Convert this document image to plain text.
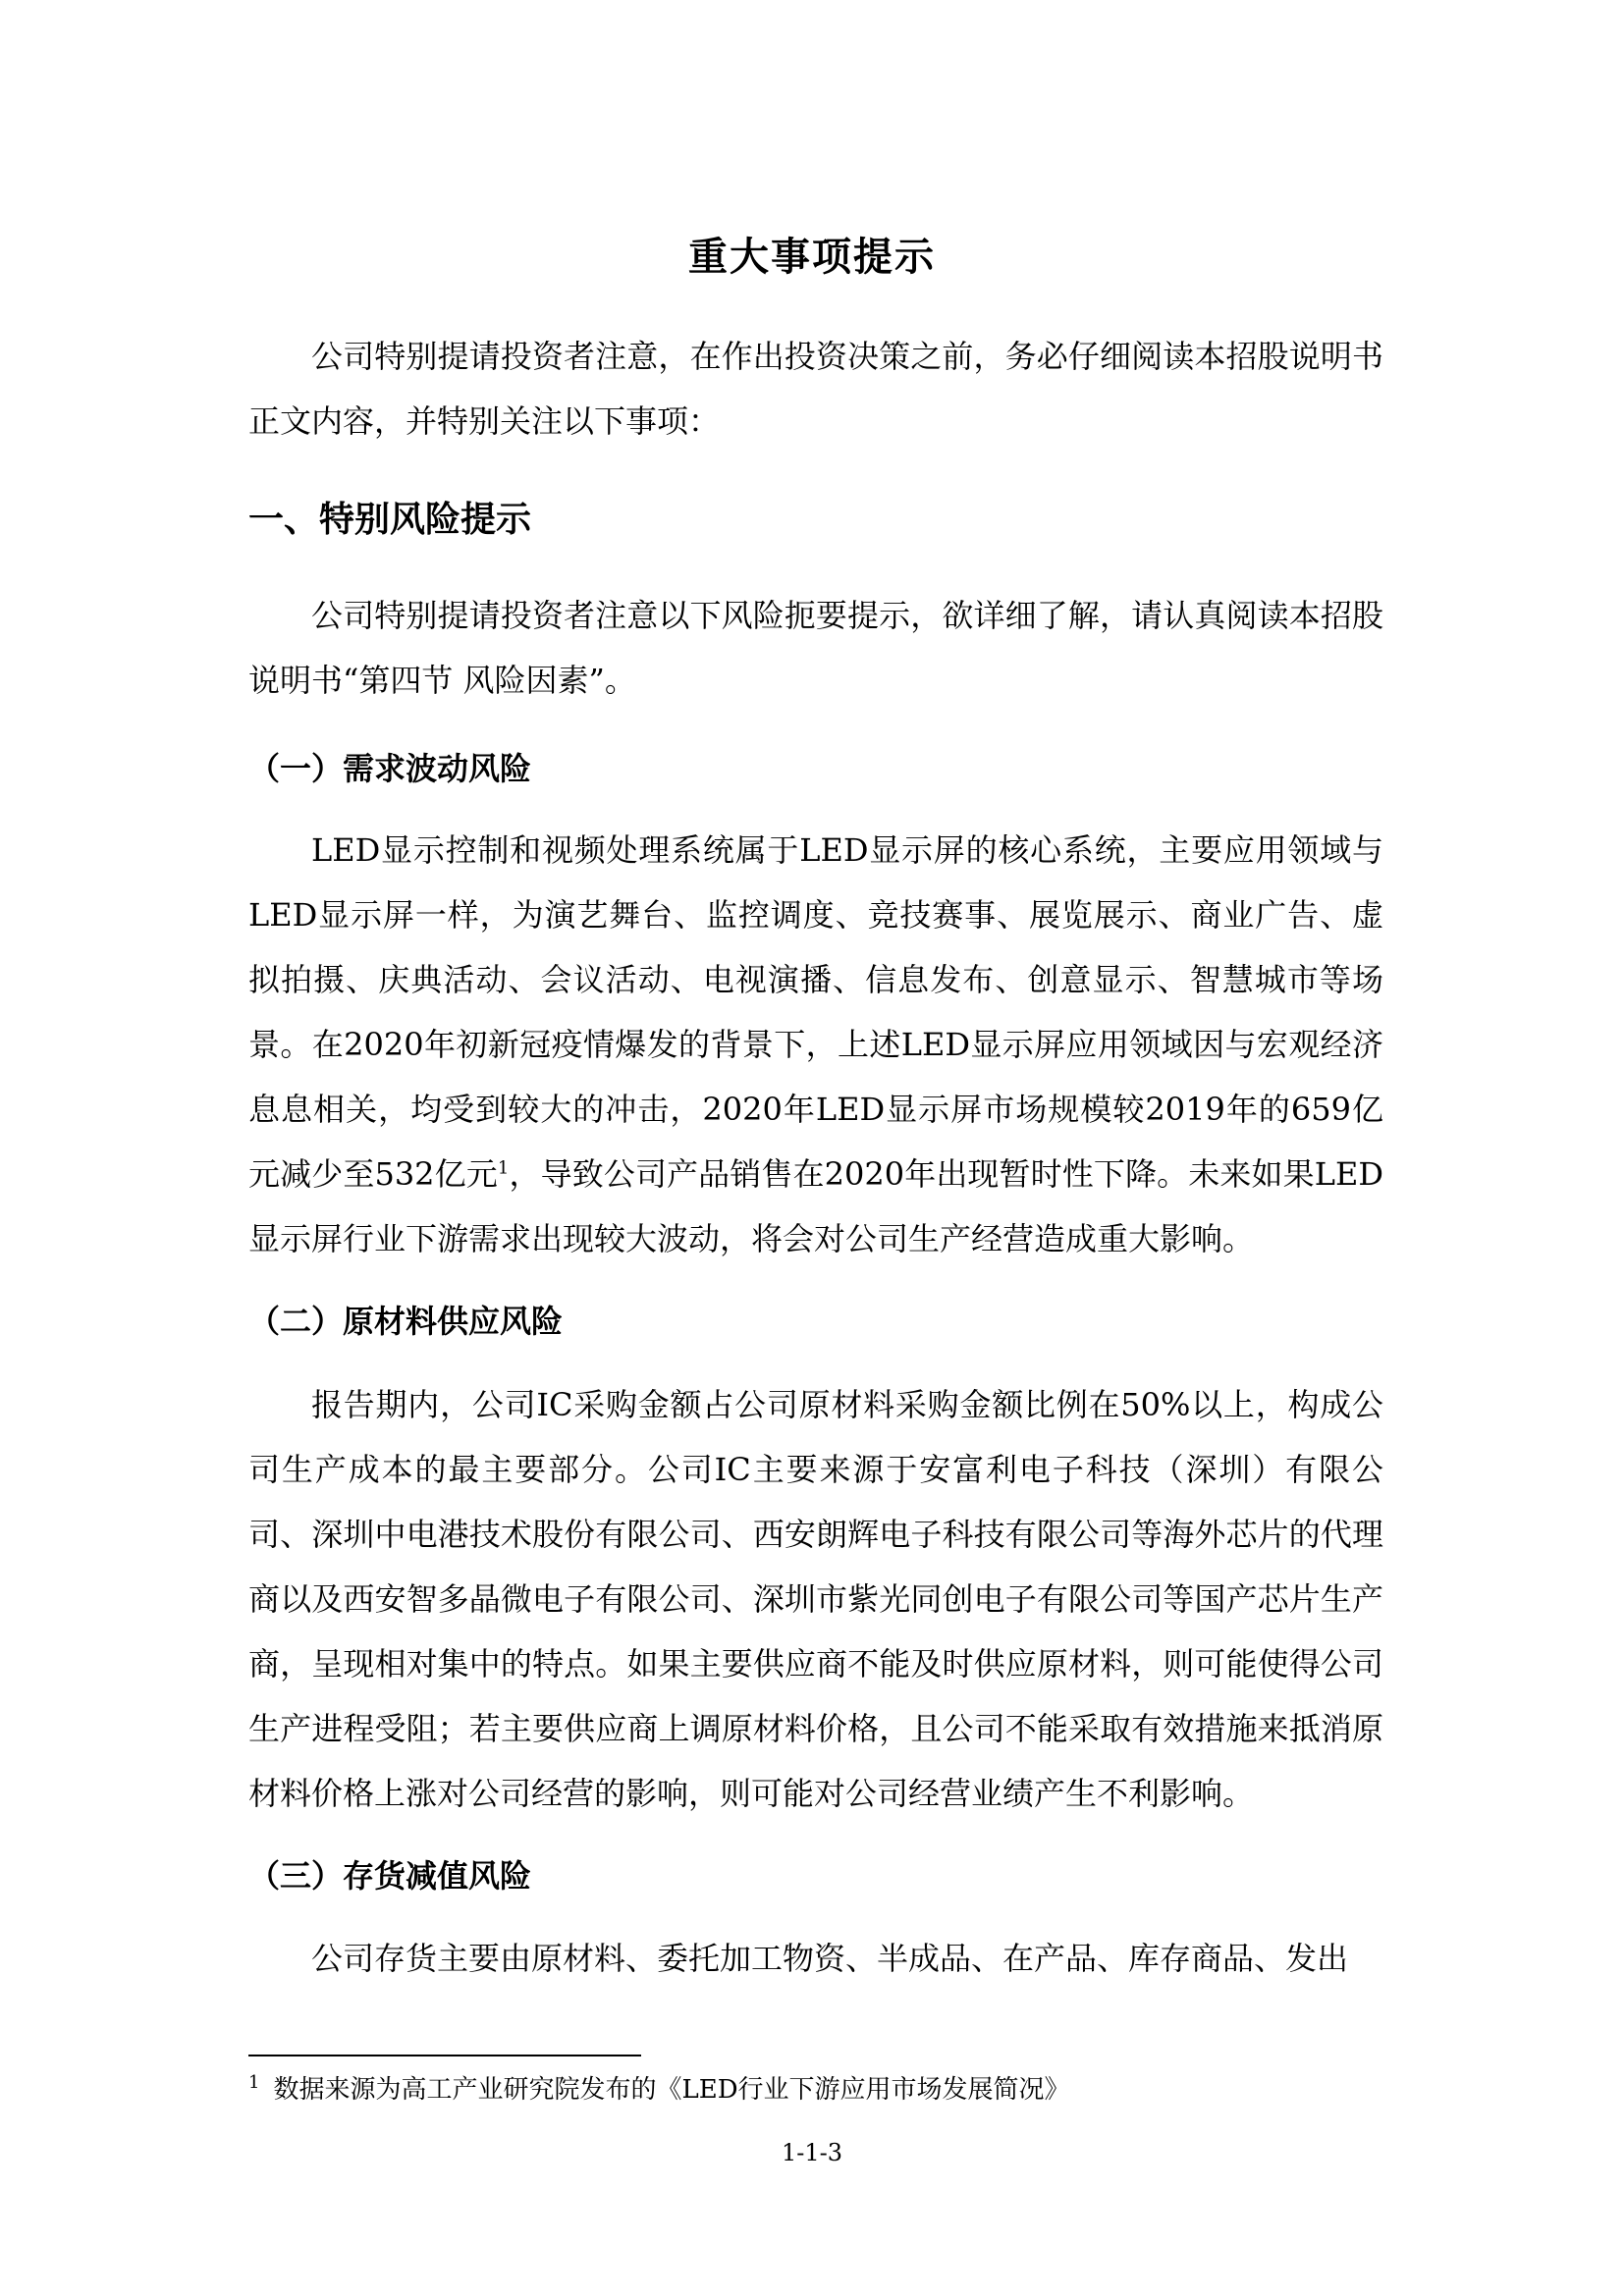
重大事项提示

公司特别提请投资者注意，在作出投资决策之前，务必仔细阅读本招股说明书正文内容，并特别关注以下事项：

一、特别风险提示

公司特别提请投资者注意以下风险扼要提示，欲详细了解，请认真阅读本招股说明书“第四节 风险因素”。

（一）需求波动风险

LED显示控制和视频处理系统属于LED显示屏的核心系统，主要应用领域与LED显示屏一样，为演艺舞台、监控调度、竞技赛事、展览展示、商业广告、虚拟拍摄、庆典活动、会议活动、电视演播、信息发布、创意显示、智慧城市等场景。在2020年初新冠疫情爆发的背景下，上述LED显示屏应用领域因与宏观经济息息相关，均受到较大的冲击，2020年LED显示屏市场规模较2019年的659亿元减少至532亿元$^1$，导致公司产品销售在2020年出现暂时性下降。未来如果LED显示屏行业下游需求出现较大波动，将会对公司生产经营造成重大影响。

（二）原材料供应风险

报告期内，公司IC采购金额占公司原材料采购金额比例在50%以上，构成公司生产成本的最主要部分。公司IC主要来源于安富利电子科技（深圳）有限公司、深圳中电港技术股份有限公司、西安朗辉电子科技有限公司等海外芯片的代理商以及西安智多晶微电子有限公司、深圳市紫光同创电子有限公司等国产芯片生产商，呈现相对集中的特点。如果主要供应商不能及时供应原材料，则可能使得公司生产进程受阻；若主要供应商上调原材料价格，且公司不能采取有效措施来抵消原材料价格上涨对公司经营的影响，则可能对公司经营业绩产生不利影响。

（三）存货减值风险

公司存货主要由原材料、委托加工物资、半成品、在产品、库存商品、发出

$^1$ 数据来源为高工产业研究院发布的《LED行业下游应用市场发展简况》
1-1-3
